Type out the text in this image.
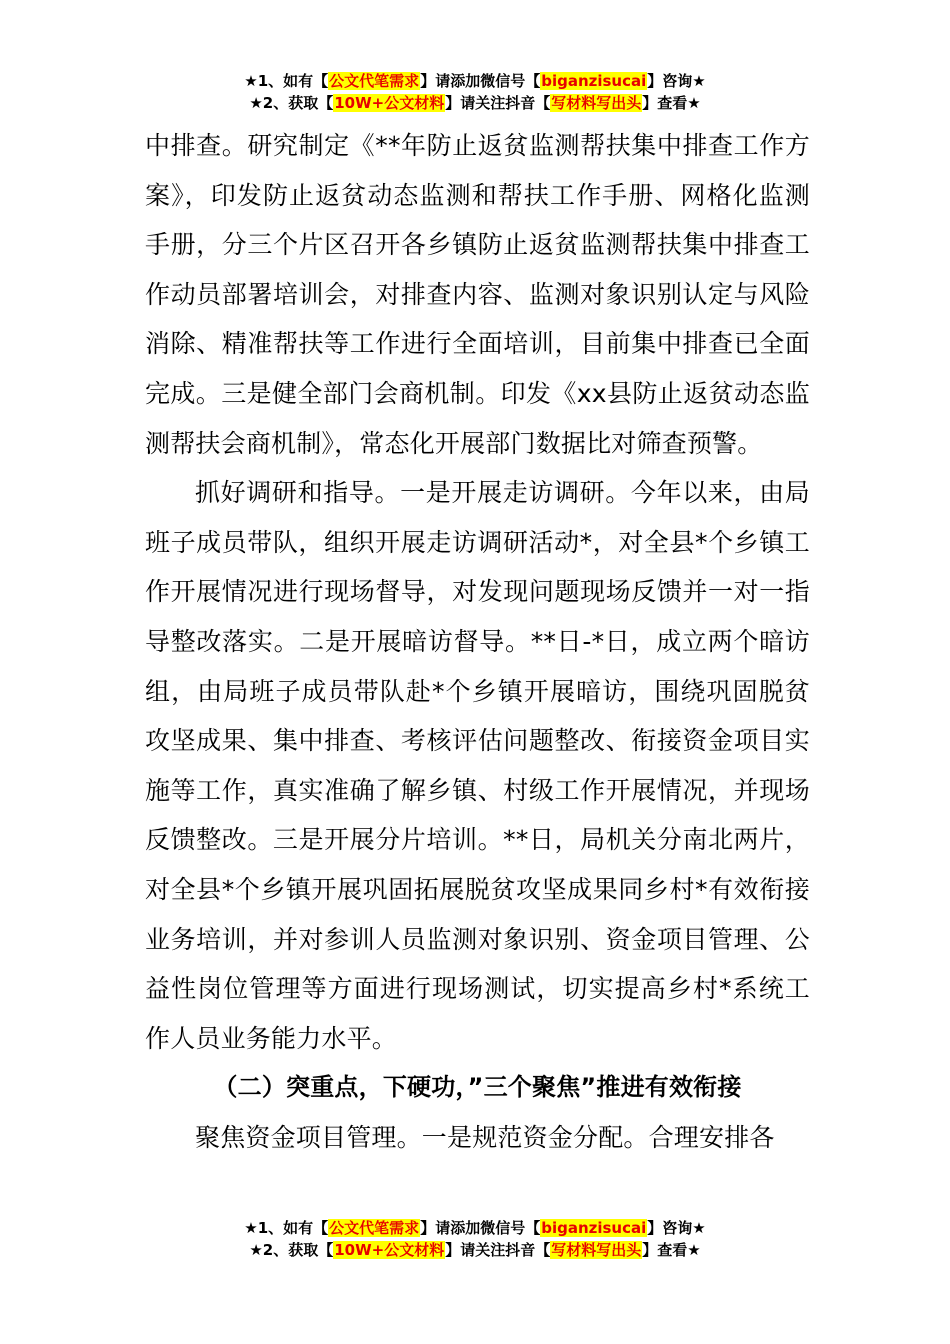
★1、如有【公文代笔需求】请添加微信号【biganzisucai】咨询★
★2、获取【10W+公文材料】请关注抖音【写材料写出头】查看★

中排查。研究制定《**年防止返贫监测帮扶集中排查工作方案》，印发防止返贫动态监测和帮扶工作手册、网格化监测手册，分三个片区召开各乡镇防止返贫监测帮扶集中排查工作动员部署培训会，对排查内容、监测对象识别认定与风险消除、精准帮扶等工作进行全面培训，目前集中排查已全面完成。三是健全部门会商机制。印发《xx县防止返贫动态监测帮扶会商机制》，常态化开展部门数据比对筛查预警。

抓好调研和指导。一是开展走访调研。今年以来，由局班子成员带队，组织开展走访调研活动*，对全县*个乡镇工作开展情况进行现场督导，对发现问题现场反馈并一对一指导整改落实。二是开展暗访督导。**日-*日，成立两个暗访组，由局班子成员带队赴*个乡镇开展暗访，围绕巩固脱贫攻坚成果、集中排查、考核评估问题整改、衔接资金项目实施等工作，真实准确了解乡镇、村级工作开展情况，并现场反馈整改。三是开展分片培训。**日，局机关分南北两片，对全县*个乡镇开展巩固拓展脱贫攻坚成果同乡村*有效衔接业务培训，并对参训人员监测对象识别、资金项目管理、公益性岗位管理等方面进行现场测试，切实提高乡村*系统工作人员业务能力水平。

（二）突重点，下硬功，”三个聚焦”推进有效衔接

聚焦资金项目管理。一是规范资金分配。合理安排各

★1、如有【公文代笔需求】请添加微信号【biganzisucai】咨询★
★2、获取【10W+公文材料】请关注抖音【写材料写出头】查看★
